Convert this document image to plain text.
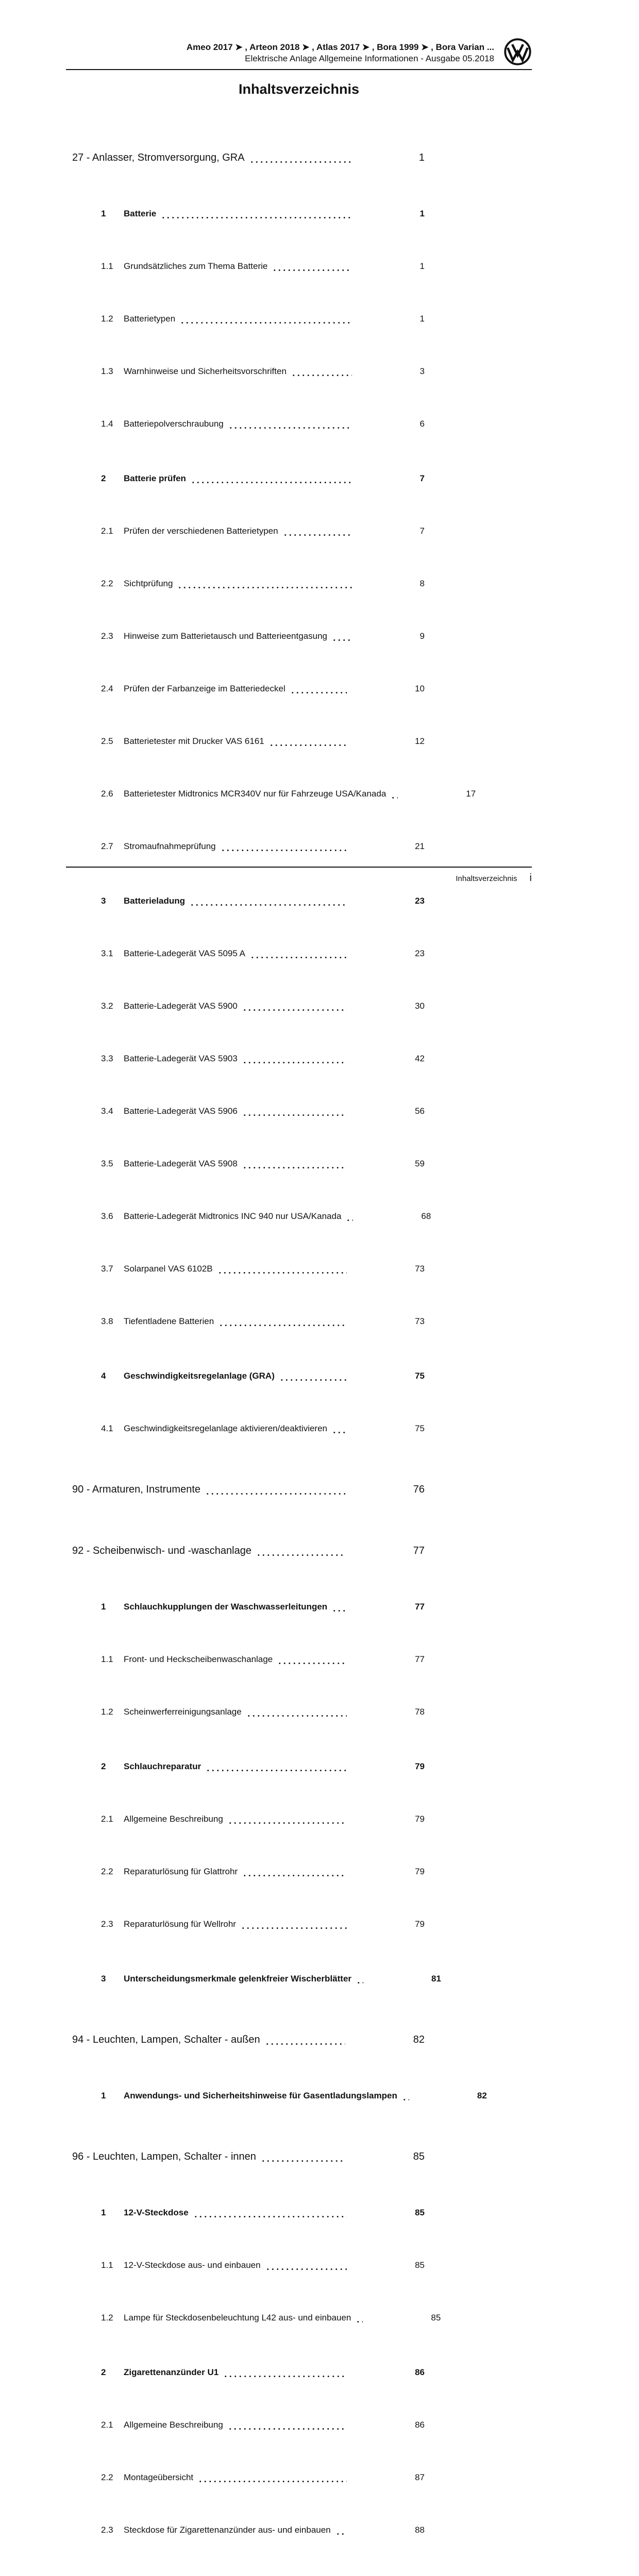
Ameo 2017 ➤ , Arteon 2018 ➤ , Atlas 2017 ➤ , Bora 1999 ➤ , Bora Varian ...
Elektrische Anlage Allgemeine Informationen - Ausgabe 05.2018
Inhaltsverzeichnis
27 - Anlasser, Stromversorgung, GRA	1
1	Batterie	1
1.1	Grundsätzliches zum Thema Batterie	1
1.2	Batterietypen	1
1.3	Warnhinweise und Sicherheitsvorschriften	3
1.4	Batteriepolverschraubung	6
2	Batterie prüfen	7
2.1	Prüfen der verschiedenen Batterietypen	7
2.2	Sichtprüfung	8
2.3	Hinweise zum Batterietausch und Batterieentgasung	9
2.4	Prüfen der Farbanzeige im Batteriedeckel	10
2.5	Batterietester mit Drucker VAS 6161	12
2.6	Batterietester Midtronics MCR340V nur für Fahrzeuge USA/Kanada	17
2.7	Stromaufnahmeprüfung	21
3	Batterieladung	23
3.1	Batterie-Ladegerät VAS 5095 A	23
3.2	Batterie-Ladegerät VAS 5900	30
3.3	Batterie-Ladegerät VAS 5903	42
3.4	Batterie-Ladegerät VAS 5906	56
3.5	Batterie-Ladegerät VAS 5908	59
3.6	Batterie-Ladegerät Midtronics INC 940 nur USA/Kanada	68
3.7	Solarpanel VAS 6102B	73
3.8	Tiefentladene Batterien	73
4	Geschwindigkeitsregelanlage (GRA)	75
4.1	Geschwindigkeitsregelanlage aktivieren/deaktivieren	75
90 - Armaturen, Instrumente	76
92 - Scheibenwisch- und -waschanlage	77
1	Schlauchkupplungen der Waschwasserleitungen	77
1.1	Front- und Heckscheibenwaschanlage	77
1.2	Scheinwerferreinigungsanlage	78
2	Schlauchreparatur	79
2.1	Allgemeine Beschreibung	79
2.2	Reparaturlösung für Glattrohr	79
2.3	Reparaturlösung für Wellrohr	79
3	Unterscheidungsmerkmale gelenkfreier Wischerblätter	81
94 - Leuchten, Lampen, Schalter - außen	82
1	Anwendungs- und Sicherheitshinweise für Gasentladungslampen	82
96 - Leuchten, Lampen, Schalter - innen	85
1	12-V-Steckdose	85
1.1	12-V-Steckdose aus- und einbauen	85
1.2	Lampe für Steckdosenbeleuchtung L42 aus- und einbauen	85
2	Zigarettenanzünder U1	86
2.1	Allgemeine Beschreibung	86
2.2	Montageübersicht	87
2.3	Steckdose für Zigarettenanzünder aus- und einbauen	88
Inhaltsverzeichnis i
